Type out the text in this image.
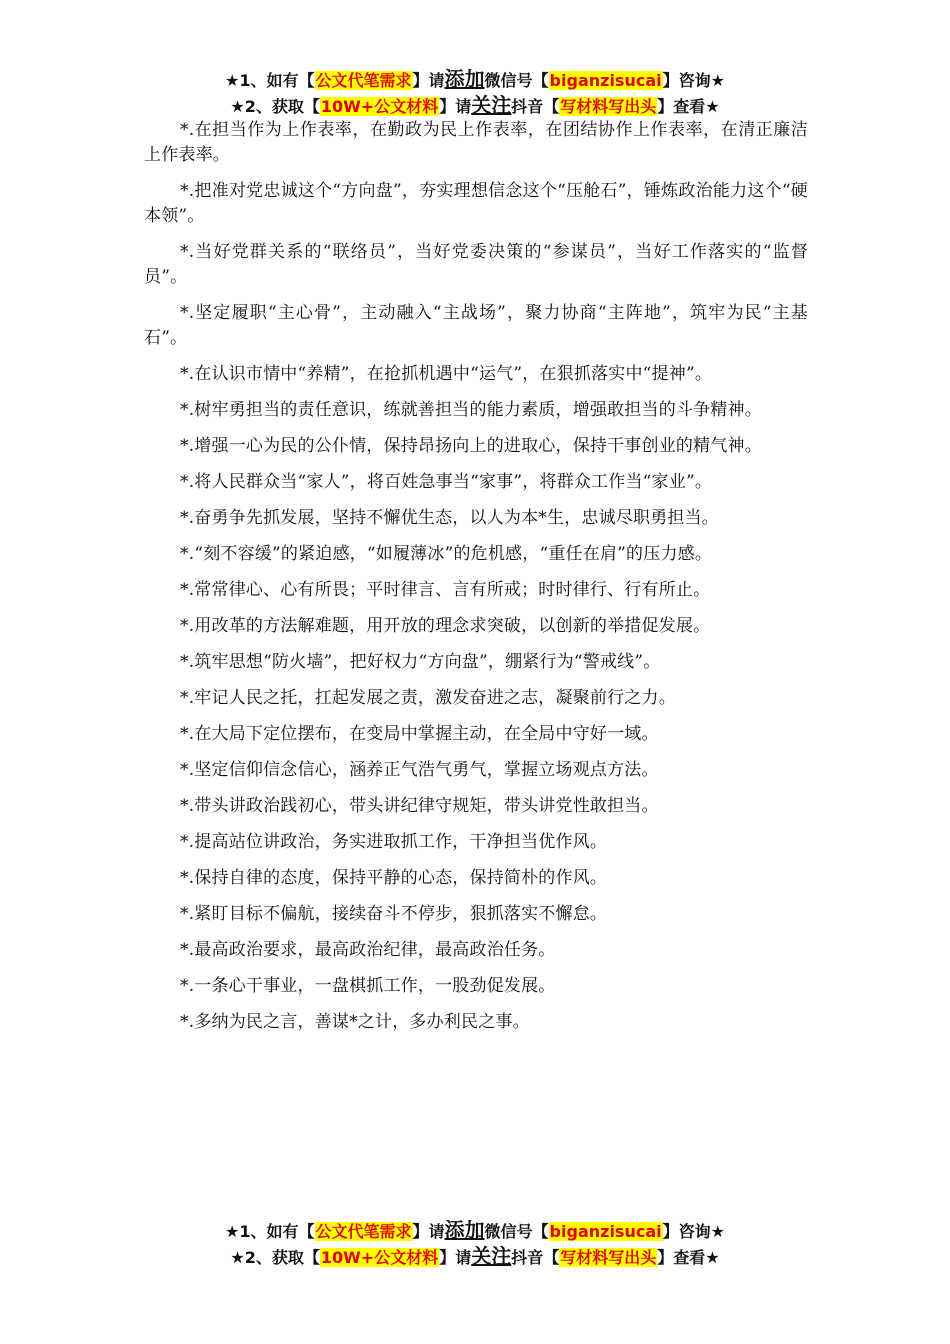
★1、如有【公文代笔需求】请添加微信号【biganzisucai】咨询★
★2、获取【10W+公文材料】请关注抖音【写材料写出头】查看★

*.在担当作为上作表率，在勤政为民上作表率，在团结协作上作表率，在清正廉洁上作表率。

*.把准对党忠诚这个“方向盘”，夯实理想信念这个“压舱石”，锤炼政治能力这个“硬本领”。

*.当好党群关系的“联络员”，当好党委决策的“参谋员”，当好工作落实的“监督员”。

*.坚定履职“主心骨”，主动融入“主战场”，聚力协商“主阵地”，筑牢为民“主基石”。

*.在认识市情中“养精”，在抢抓机遇中“运气”，在狠抓落实中“提神”。

*.树牢勇担当的责任意识，练就善担当的能力素质，增强敢担当的斗争精神。

*.增强一心为民的公仆情，保持昂扬向上的进取心，保持干事创业的精气神。

*.将人民群众当“家人”，将百姓急事当“家事”，将群众工作当“家业”。

*.奋勇争先抓发展，坚持不懈优生态，以人为本*生，忠诚尽职勇担当。

*.“刻不容缓”的紧迫感，“如履薄冰”的危机感，“重任在肩”的压力感。

*.常常律心、心有所畏；平时律言、言有所戒；时时律行、行有所止。

*.用改革的方法解难题，用开放的理念求突破，以创新的举措促发展。

*.筑牢思想“防火墙”，把好权力“方向盘”，绷紧行为“警戒线”。

*.牢记人民之托，扛起发展之责，激发奋进之志，凝聚前行之力。

*.在大局下定位摆布，在变局中掌握主动，在全局中守好一域。

*.坚定信仰信念信心，涵养正气浩气勇气，掌握立场观点方法。

*.带头讲政治践初心，带头讲纪律守规矩，带头讲党性敢担当。

*.提高站位讲政治，务实进取抓工作，干净担当优作风。

*.保持自律的态度，保持平静的心态，保持简朴的作风。

*.紧盯目标不偏航，接续奋斗不停步，狠抓落实不懈怠。

*.最高政治要求，最高政治纪律，最高政治任务。

*.一条心干事业，一盘棋抓工作，一股劲促发展。

*.多纳为民之言，善谋*之计，多办利民之事。

★1、如有【公文代笔需求】请添加微信号【biganzisucai】咨询★
★2、获取【10W+公文材料】请关注抖音【写材料写出头】查看★
